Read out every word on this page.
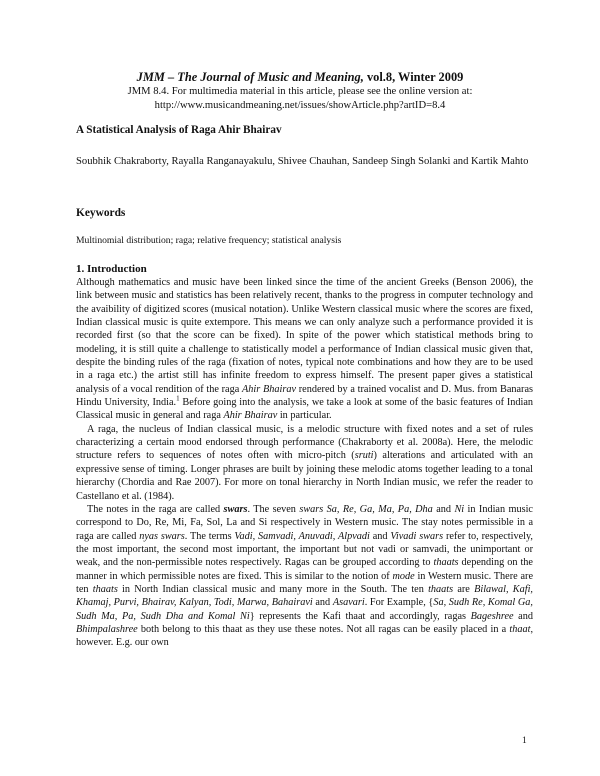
JMM – The Journal of Music and Meaning, vol.8, Winter 2009
JMM 8.4. For multimedia material in this article, please see the online version at:
http://www.musicandmeaning.net/issues/showArticle.php?artID=8.4
A Statistical Analysis of Raga Ahir Bhairav
Soubhik Chakraborty, Rayalla Ranganayakulu, Shivee Chauhan, Sandeep Singh Solanki and Kartik Mahto
Keywords
Multinomial distribution; raga; relative frequency; statistical analysis
1. Introduction

Although mathematics and music have been linked since the time of the ancient Greeks (Benson 2006), the link between music and statistics has been relatively recent, thanks to the progress in computer technology and the avaibility of digitized scores (musical notation). Unlike Western classical music where the scores are fixed, Indian classical music is quite extempore. This means we can only analyze such a performance provided it is recorded first (so that the score can be fixed). In spite of the power which statistical methods bring to modeling, it is still quite a challenge to statistically model a performance of Indian classical music given that, despite the binding rules of the raga (fixation of notes, typical note combinations and how they are to be used in a raga etc.) the artist still has infinite freedom to express himself. The present paper gives a statistical analysis of a vocal rendition of the raga Ahir Bhairav rendered by a trained vocalist and D. Mus. from Banaras Hindu University, India.$^1$ Before going into the analysis, we take a look at some of the basic features of Indian Classical music in general and raga Ahir Bhairav in particular.

A raga, the nucleus of Indian classical music, is a melodic structure with fixed notes and a set of rules characterizing a certain mood endorsed through performance (Chakraborty et al. 2008a). Here, the melodic structure refers to sequences of notes often with micro-pitch (sruti) alterations and articulated with an expressive sense of timing. Longer phrases are built by joining these melodic atoms together leading to a tonal hierarchy (Chordia and Rae 2007). For more on tonal hierarchy in North Indian music, we refer the reader to Castellano et al. (1984).

The notes in the raga are called swars. The seven swars Sa, Re, Ga, Ma, Pa, Dha and Ni in Indian music correspond to Do, Re, Mi, Fa, Sol, La and Si respectively in Western music. The stay notes permissible in a raga are called nyas swars. The terms Vadi, Samvadi, Anuvadi, Alpvadi and Vivadi swars refer to, respectively, the most important, the second most important, the important but not vadi or samvadi, the unimportant or weak, and the non-permissible notes respectively. Ragas can be grouped according to thaats depending on the manner in which permissible notes are fixed. This is similar to the notion of mode in Western music. There are ten thaats in North Indian classical music and many more in the South. The ten thaats are Bilawal, Kafi, Khamaj, Purvi, Bhairav, Kalyan, Todi, Marwa, Bahairavi and Asavari. For Example, {Sa, Sudh Re, Komal Ga, Sudh Ma, Pa, Sudh Dha and Komal Ni} represents the Kafi thaat and accordingly, ragas Bageshree and Bhimpalashree both belong to this thaat as they use these notes. Not all ragas can be easily placed in a thaat, however. E.g. our own

1
